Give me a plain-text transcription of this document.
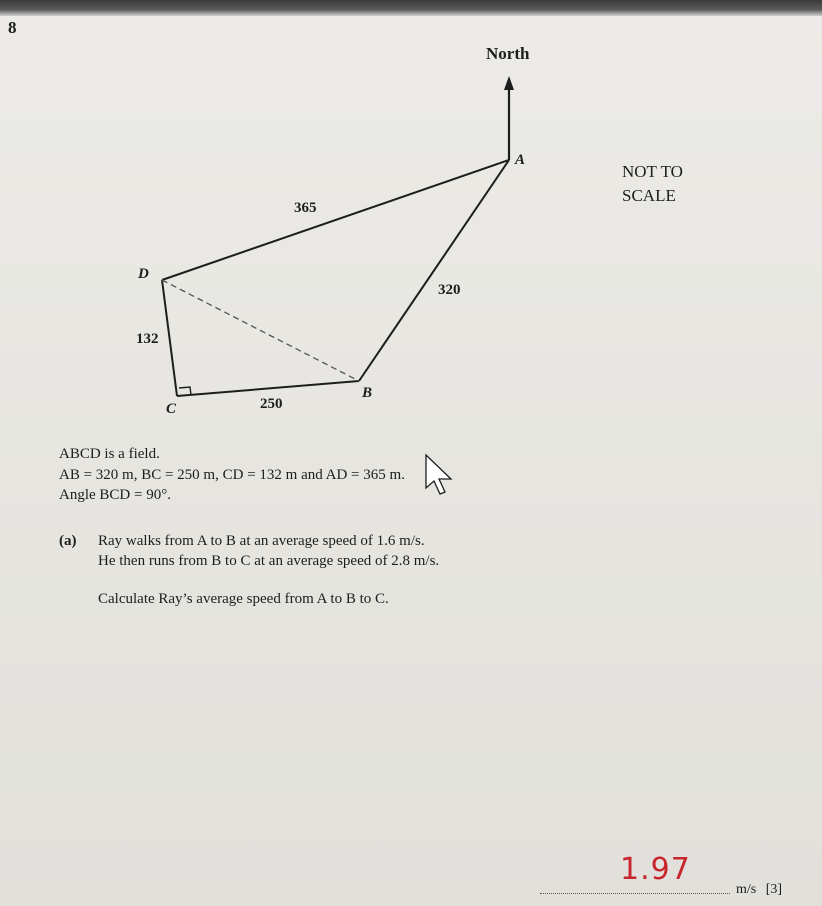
8
North
NOT TO
SCALE
A
B
C
D
365
320
132
250
ABCD is a field.
AB = 320 m, BC = 250 m, CD = 132 m and AD = 365 m.
Angle BCD = 90°.
(a) Ray walks from A to B at an average speed of 1.6 m/s.
He then runs from B to C at an average speed of 2.8 m/s.
Calculate Ray’s average speed from A to B to C.
1.97
m/s [3]
